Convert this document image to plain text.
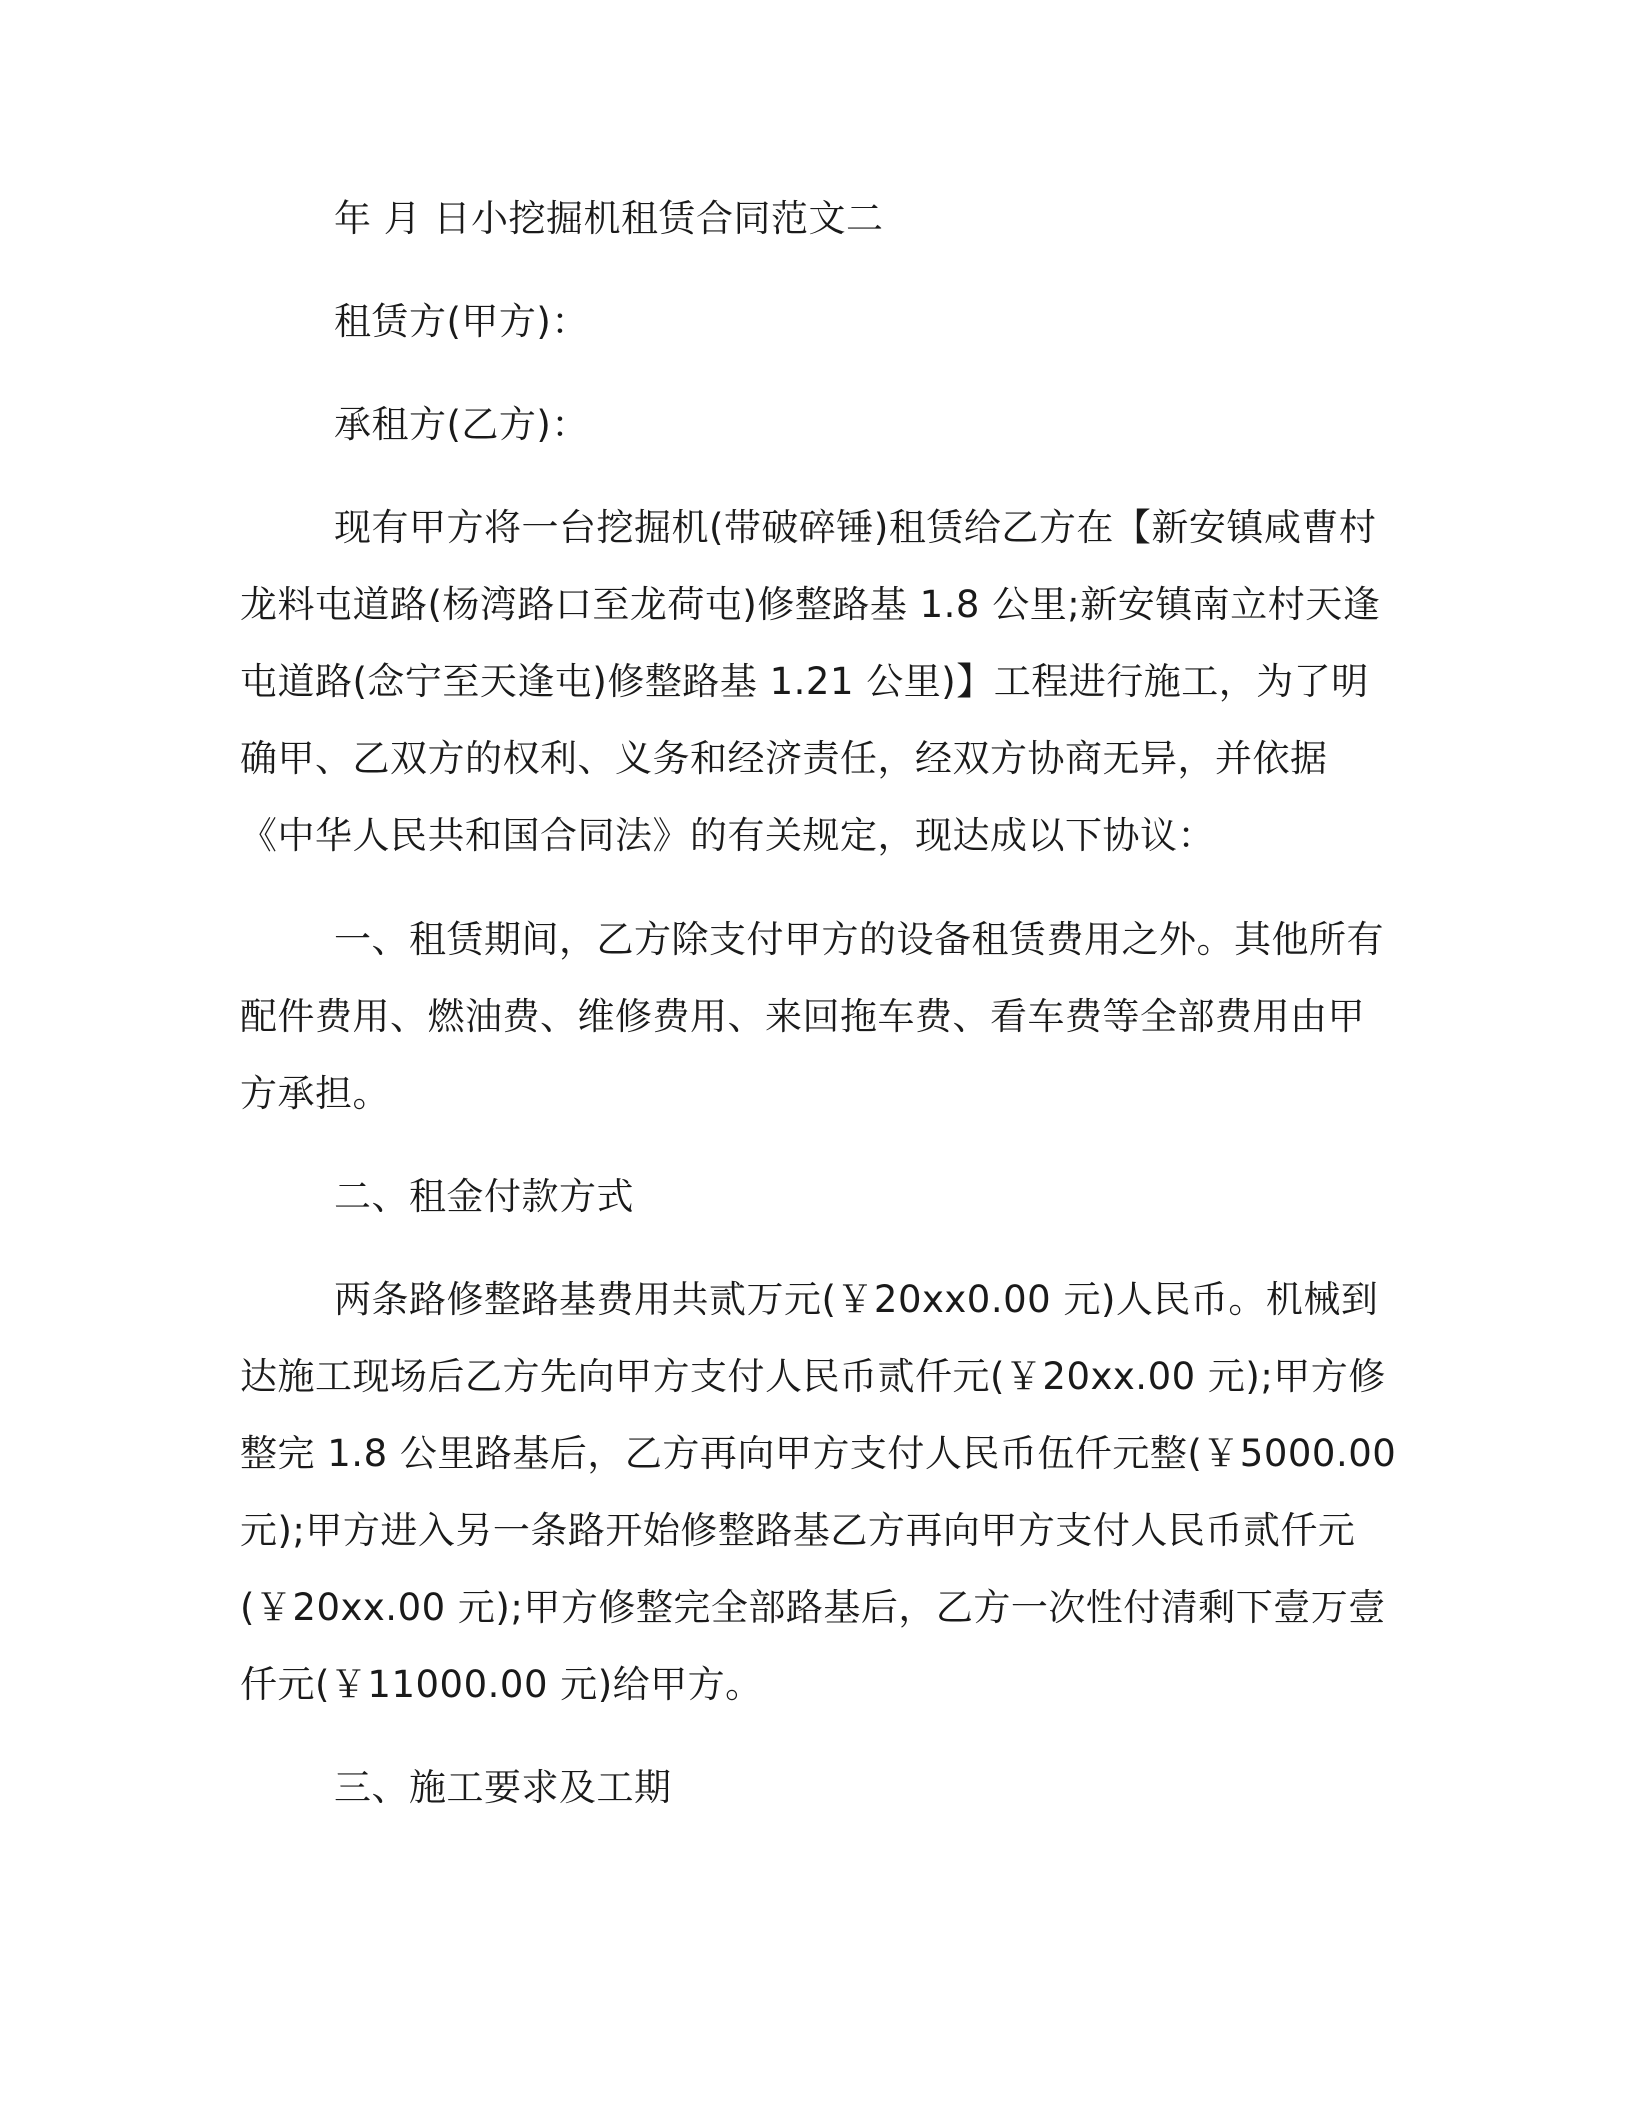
年 月 日小挖掘机租赁合同范文二

租赁方(甲方)：

承租方(乙方)：

现有甲方将一台挖掘机(带破碎锤)租赁给乙方在【新安镇咸曹村龙料屯道路(杨湾路口至龙荷屯)修整路基 1.8 公里;新安镇南立村天逢屯道路(念宁至天逢屯)修整路基 1.21 公里)】工程进行施工，为了明确甲、乙双方的权利、义务和经济责任，经双方协商无异，并依据《中华人民共和国合同法》的有关规定，现达成以下协议：

一、租赁期间，乙方除支付甲方的设备租赁费用之外。其他所有配件费用、燃油费、维修费用、来回拖车费、看车费等全部费用由甲方承担。

二、租金付款方式

两条路修整路基费用共贰万元(￥20xx0.00 元)人民币。机械到达施工现场后乙方先向甲方支付人民币贰仟元(￥20xx.00 元);甲方修整完 1.8 公里路基后，乙方再向甲方支付人民币伍仟元整(￥5000.00 元);甲方进入另一条路开始修整路基乙方再向甲方支付人民币贰仟元(￥20xx.00 元);甲方修整完全部路基后，乙方一次性付清剩下壹万壹仟元(￥11000.00 元)给甲方。

三、施工要求及工期
